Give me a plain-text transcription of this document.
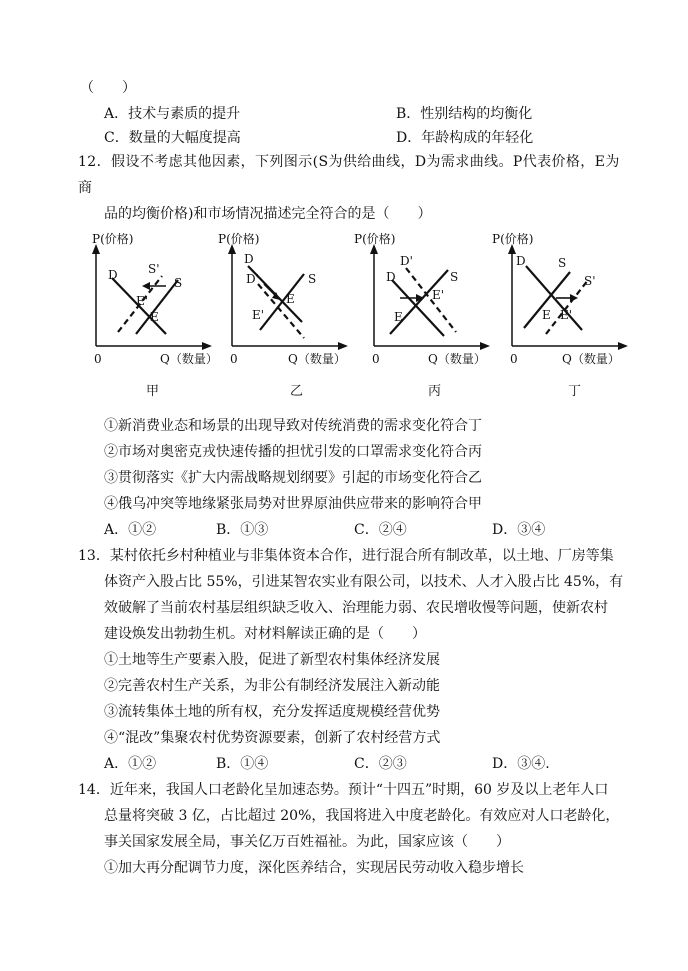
（　　）
A．技术与素质的提升	B．性别结构的均衡化
C．数量的大幅度提高	D．年龄构成的年轻化
12．假设不考虑其他因素，下列图示(S为供给曲线，D为需求曲线。P代表价格，E为
商
品的均衡价格)和市场情况描述完全符合的是（　　）
P(价格)
0	Q（数量）
D	S'
S
E'
E
甲
P(价格)
0	Q（数量）
D
D'	S
E
E'
乙
P(价格)
0	Q（数量）
D'
D	S
E'
E
丙
P(价格)
0	Q（数量）
D	S
S'
E E'
丁
①新消费业态和场景的出现导致对传统消费的需求变化符合丁
②市场对奥密克戎快速传播的担忧引发的口罩需求变化符合丙
③贯彻落实《扩大内需战略规划纲要》引起的市场变化符合乙
④俄乌冲突等地缘紧张局势对世界原油供应带来的影响符合甲
A．①②	B．①③	C．②④	D．③④
13．某村依托乡村种植业与非集体资本合作，进行混合所有制改革，以土地、厂房等集
体资产入股占比 55%，引进某智农实业有限公司，以技术、人才入股占比 45%，有
效破解了当前农村基层组织缺乏收入、治理能力弱、农民增收慢等问题，使新农村
建设焕发出勃勃生机。对材料解读正确的是（　　）
①土地等生产要素入股，促进了新型农村集体经济发展
②完善农村生产关系，为非公有制经济发展注入新动能
③流转集体土地的所有权，充分发挥适度规模经营优势
④“混改”集聚农村优势资源要素，创新了农村经营方式
A．①②	B．①④	C．②③	D．③④.
14．近年来，我国人口老龄化呈加速态势。预计“十四五”时期，60 岁及以上老年人口
总量将突破 3 亿，占比超过 20%，我国将进入中度老龄化。有效应对人口老龄化，
事关国家发展全局，事关亿万百姓福祉。为此，国家应该（　　）
①加大再分配调节力度，深化医养结合，实现居民劳动收入稳步增长
